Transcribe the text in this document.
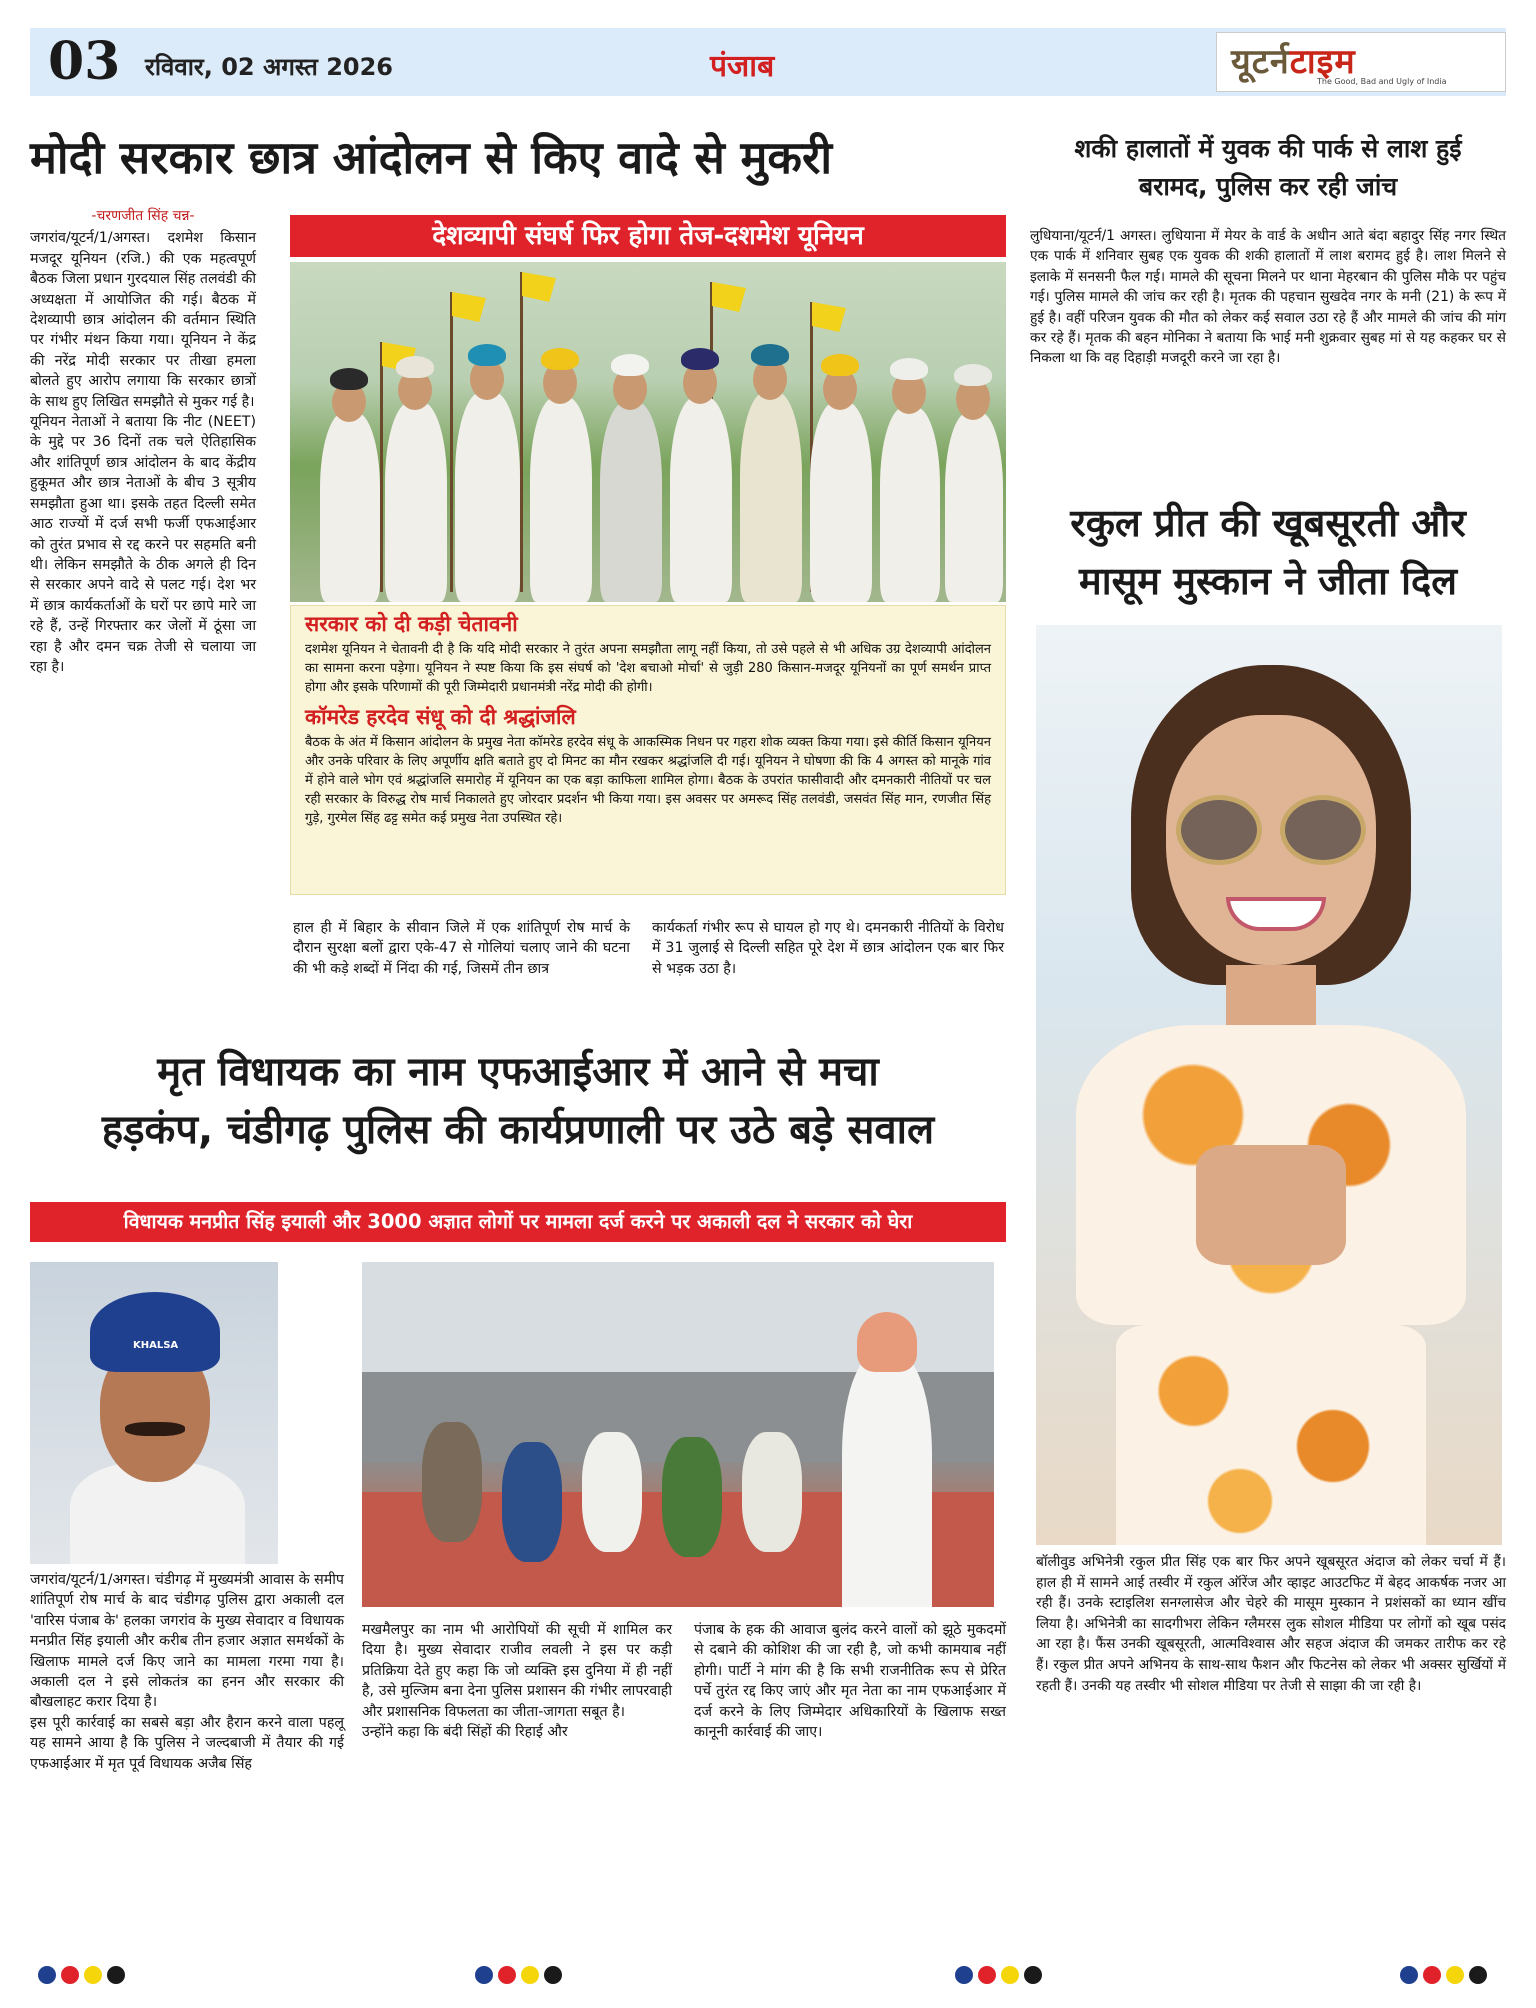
03 रविवार, 02 अगस्त 2026	पंजाब	यूटर्नटाइम
The Good, Bad and Ugly of India
मोदी सरकार छात्र आंदोलन से किए वादे से मुकरी
-चरणजीत सिंह चन्न-

जगरांव/यूटर्न/1/अगस्त। दशमेश किसान मजदूर यूनियन (रजि.) की एक महत्वपूर्ण बैठक जिला प्रधान गुरदयाल सिंह तलवंडी की अध्यक्षता में आयोजित की गई। बैठक में देशव्यापी छात्र आंदोलन की वर्तमान स्थिति पर गंभीर मंथन किया गया। यूनियन ने केंद्र की नरेंद्र मोदी सरकार पर तीखा हमला बोलते हुए आरोप लगाया कि सरकार छात्रों के साथ हुए लिखित समझौते से मुकर गई है।

यूनियन नेताओं ने बताया कि नीट (NEET) के मुद्दे पर 36 दिनों तक चले ऐतिहासिक और शांतिपूर्ण छात्र आंदोलन के बाद केंद्रीय हुकूमत और छात्र नेताओं के बीच 3 सूत्रीय समझौता हुआ था। इसके तहत दिल्ली समेत आठ राज्यों में दर्ज सभी फर्जी एफआईआर को तुरंत प्रभाव से रद्द करने पर सहमति बनी थी। लेकिन समझौते के ठीक अगले ही दिन से सरकार अपने वादे से पलट गई। देश भर में छात्र कार्यकर्ताओं के घरों पर छापे मारे जा रहे हैं, उन्हें गिरफ्तार कर जेलों में ठूंसा जा रहा है और दमन चक्र तेजी से चलाया जा रहा है।

देशव्यापी संघर्ष फिर होगा तेज-दशमेश यूनियन
सरकार को दी कड़ी चेतावनी
दशमेश यूनियन ने चेतावनी दी है कि यदि मोदी सरकार ने तुरंत अपना समझौता लागू नहीं किया, तो उसे पहले से भी अधिक उग्र देशव्यापी आंदोलन का सामना करना पड़ेगा। यूनियन ने स्पष्ट किया कि इस संघर्ष को 'देश बचाओ मोर्चा' से जुड़ी 280 किसान-मजदूर यूनियनों का पूर्ण समर्थन प्राप्त होगा और इसके परिणामों की पूरी जिम्मेदारी प्रधानमंत्री नरेंद्र मोदी की होगी।
कॉमरेड हरदेव संधू को दी श्रद्धांजलि
बैठक के अंत में किसान आंदोलन के प्रमुख नेता कॉमरेड हरदेव संधू के आकस्मिक निधन पर गहरा शोक व्यक्त किया गया। इसे कीर्ति किसान यूनियन और उनके परिवार के लिए अपूर्णीय क्षति बताते हुए दो मिनट का मौन रखकर श्रद्धांजलि दी गई। यूनियन ने घोषणा की कि 4 अगस्त को मानूके गांव में होने वाले भोग एवं श्रद्धांजलि समारोह में यूनियन का एक बड़ा काफिला शामिल होगा। बैठक के उपरांत फासीवादी और दमनकारी नीतियों पर चल रही सरकार के विरुद्ध रोष मार्च निकालते हुए जोरदार प्रदर्शन भी किया गया। इस अवसर पर अमरूद सिंह तलवंडी, जसवंत सिंह मान, रणजीत सिंह गुड़े, गुरमेल सिंह ढट्ट समेत कई प्रमुख नेता उपस्थित रहे।
हाल ही में बिहार के सीवान जिले में एक शांतिपूर्ण रोष मार्च के दौरान सुरक्षा बलों द्वारा एके-47 से गोलियां चलाए जाने की घटना की भी कड़े शब्दों में निंदा की गई, जिसमें तीन छात्र
कार्यकर्ता गंभीर रूप से घायल हो गए थे। दमनकारी नीतियों के विरोध में 31 जुलाई से दिल्ली सहित पूरे देश में छात्र आंदोलन एक बार फिर से भड़क उठा है।
शकी हालातों में युवक की पार्क से लाश हुई
बरामद, पुलिस कर रही जांच
लुधियाना/यूटर्न/1 अगस्त। लुधियाना में मेयर के वार्ड के अधीन आते बंदा बहादुर सिंह नगर स्थित एक पार्क में शनिवार सुबह एक युवक की शकी हालातों में लाश बरामद हुई है। लाश मिलने से इलाके में सनसनी फैल गई। मामले की सूचना मिलने पर थाना मेहरबान की पुलिस मौके पर पहुंच गई। पुलिस मामले की जांच कर रही है। मृतक की पहचान सुखदेव नगर के मनी (21) के रूप में हुई है। वहीं परिजन युवक की मौत को लेकर कई सवाल उठा रहे हैं और मामले की जांच की मांग कर रहे हैं। मृतक की बहन मोनिका ने बताया कि भाई मनी शुक्रवार सुबह मां से यह कहकर घर से निकला था कि वह दिहाड़ी मजदूरी करने जा रहा है।
रकुल प्रीत की खूबसूरती और
मासूम मुस्कान ने जीता दिल
बॉलीवुड अभिनेत्री रकुल प्रीत सिंह एक बार फिर अपने खूबसूरत अंदाज को लेकर चर्चा में हैं। हाल ही में सामने आई तस्वीर में रकुल ऑरेंज और व्हाइट आउटफिट में बेहद आकर्षक नजर आ रही हैं। उनके स्टाइलिश सनग्लासेज और चेहरे की मासूम मुस्कान ने प्रशंसकों का ध्यान खींच लिया है। अभिनेत्री का सादगीभरा लेकिन ग्लैमरस लुक सोशल मीडिया पर लोगों को खूब पसंद आ रहा है। फैंस उनकी खूबसूरती, आत्मविश्वास और सहज अंदाज की जमकर तारीफ कर रहे हैं। रकुल प्रीत अपने अभिनय के साथ-साथ फैशन और फिटनेस को लेकर भी अक्सर सुर्खियों में रहती हैं। उनकी यह तस्वीर भी सोशल मीडिया पर तेजी से साझा की जा रही है।
मृत विधायक का नाम एफआईआर में आने से मचा
हड़कंप, चंडीगढ़ पुलिस की कार्यप्रणाली पर उठे बड़े सवाल
विधायक मनप्रीत सिंह इयाली और 3000 अज्ञात लोगों पर मामला दर्ज करने पर अकाली दल ने सरकार को घेरा
KHALSA

जगरांव/यूटर्न/1/अगस्त। चंडीगढ़ में मुख्यमंत्री आवास के समीप शांतिपूर्ण रोष मार्च के बाद चंडीगढ़ पुलिस द्वारा अकाली दल 'वारिस पंजाब के' हलका जगरांव के मुख्य सेवादार व विधायक मनप्रीत सिंह इयाली और करीब तीन हजार अज्ञात समर्थकों के खिलाफ मामले दर्ज किए जाने का मामला गरमा गया है। अकाली दल ने इसे लोकतंत्र का हनन और सरकार की बौखलाहट करार दिया है।

इस पूरी कार्रवाई का सबसे बड़ा और हैरान करने वाला पहलू यह सामने आया है कि पुलिस ने जल्दबाजी में तैयार की गई एफआईआर में मृत पूर्व विधायक अजैब सिंह

मखमैलपुर का नाम भी आरोपियों की सूची में शामिल कर दिया है। मुख्य सेवादार राजीव लवली ने इस पर कड़ी प्रतिक्रिया देते हुए कहा कि जो व्यक्ति इस दुनिया में ही नहीं है, उसे मुल्जिम बना देना पुलिस प्रशासन की गंभीर लापरवाही और प्रशासनिक विफलता का जीता-जागता सबूत है।

उन्होंने कहा कि बंदी सिंहों की रिहाई और

पंजाब के हक की आवाज बुलंद करने वालों को झूठे मुकदमों से दबाने की कोशिश की जा रही है, जो कभी कामयाब नहीं होगी। पार्टी ने मांग की है कि सभी राजनीतिक रूप से प्रेरित पर्चे तुरंत रद्द किए जाएं और मृत नेता का नाम एफआईआर में दर्ज करने के लिए जिम्मेदार अधिकारियों के खिलाफ सख्त कानूनी कार्रवाई की जाए।
